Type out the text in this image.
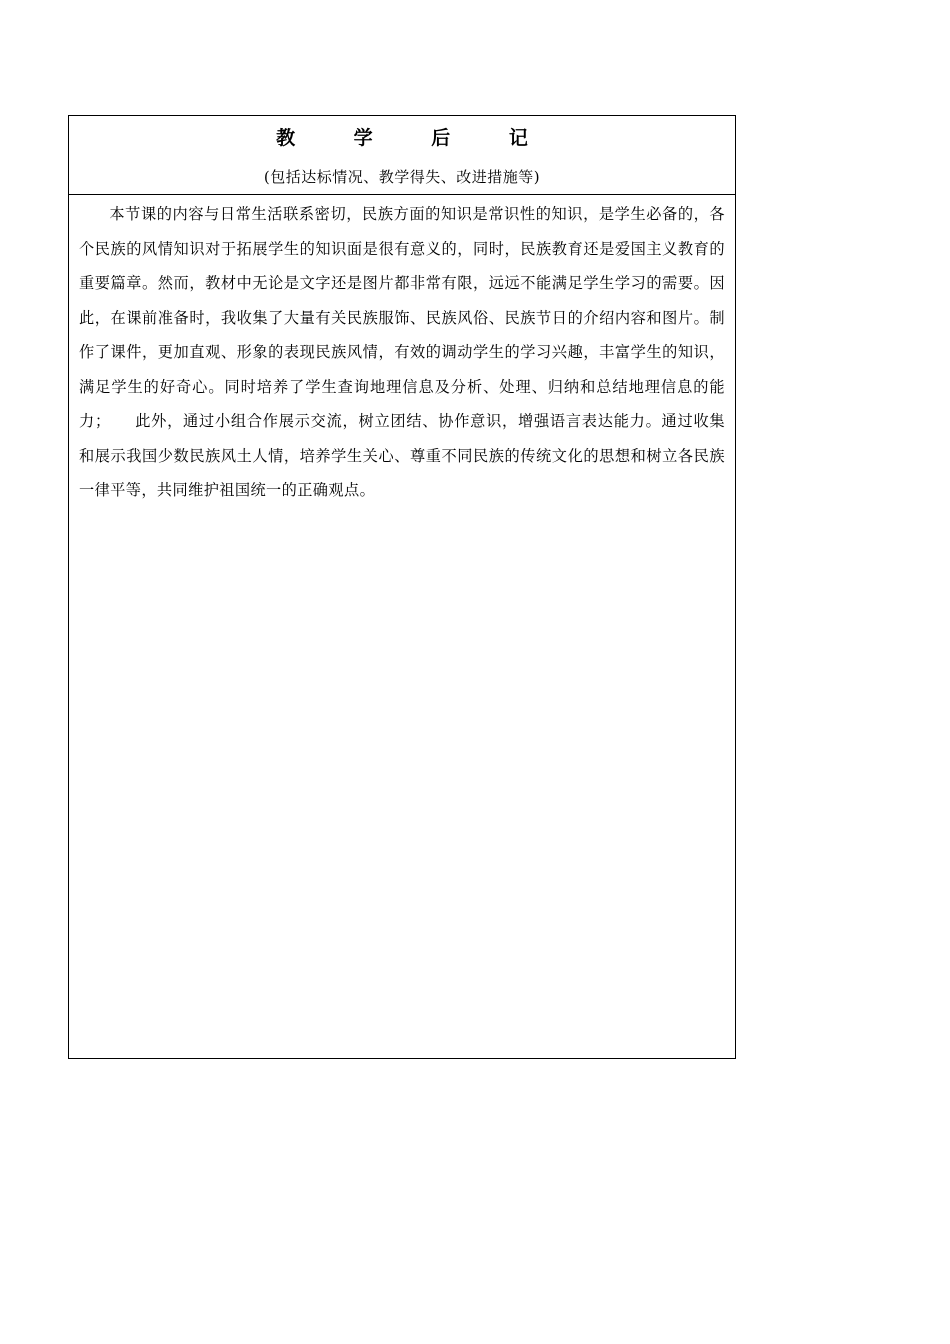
教 学 后 记
(包括达标情况、教学得失、改进措施等)

本节课的内容与日常生活联系密切，民族方面的知识是常识性的知识，是学生必备的，各个民族的风情知识对于拓展学生的知识面是很有意义的，同时，民族教育还是爱国主义教育的重要篇章。然而，教材中无论是文字还是图片都非常有限，远远不能满足学生学习的需要。因此，在课前准备时，我收集了大量有关民族服饰、民族风俗、民族节日的介绍内容和图片。制作了课件，更加直观、形象的表现民族风情，有效的调动学生的学习兴趣，丰富学生的知识，满足学生的好奇心。同时培养了学生查询地理信息及分析、处理、归纳和总结地理信息的能力；　　此外，通过小组合作展示交流，树立团结、协作意识，增强语言表达能力。通过收集和展示我国少数民族风土人情，培养学生关心、尊重不同民族的传统文化的思想和树立各民族一律平等，共同维护祖国统一的正确观点。
